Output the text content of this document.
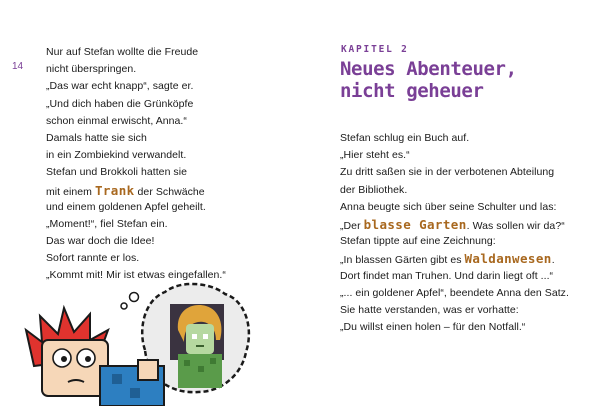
14
Nur auf Stefan wollte die Freude
nicht überspringen.
„Das war echt knapp“, sagte er.
„Und dich haben die Grünköpfe
schon einmal erwischt, Anna.“
Damals hatte sie sich
in ein Zombiekind verwandelt.
Stefan und Brokkoli hatten sie
mit einem Trank der Schwäche
und einem goldenen Apfel geheilt.
„Moment!“, fiel Stefan ein.
Das war doch die Idee!
Sofort rannte er los.
„Kommt mit! Mir ist etwas eingefallen.“
KAPITEL 2
Neues Abenteuer,
nicht geheuer
Stefan schlug ein Buch auf.
„Hier steht es.“
Zu dritt saßen sie in der verbotenen Abteilung
der Bibliothek.
Anna beugte sich über seine Schulter und las:
„Der blasse Garten. Was sollen wir da?“
Stefan tippte auf eine Zeichnung:
„In blassen Gärten gibt es Waldanwesen.
Dort findet man Truhen. Und darin liegt oft ...“
„... ein goldener Apfel“, beendete Anna den Satz.
Sie hatte verstanden, was er vorhatte:
„Du willst einen holen – für den Notfall.“
